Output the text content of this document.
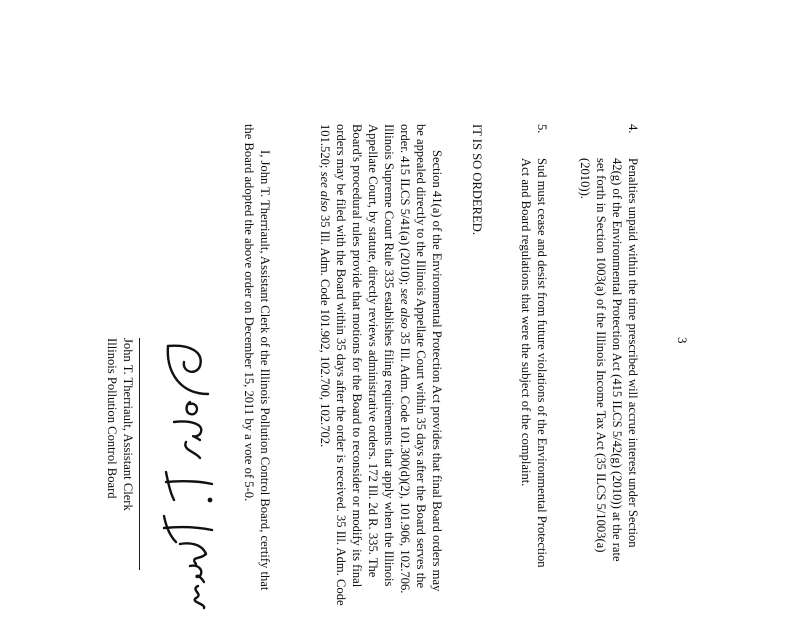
3
4.
Penalties unpaid within the time prescribed will accrue interest under Section
42(g) of the Environmental Protection Act (415 ILCS 5/42(g) (2010)) at the rate
set forth in Section 1003(a) of the Illinois Income Tax Act (35 ILCS 5/1003(a)
(2010)).
5.
Sud must cease and desist from future violations of the Environmental Protection
Act and Board regulations that were the subject of the complaint.
IT IS SO ORDERED.
Section 41(a) of the Environmental Protection Act provides that final Board orders may
be appealed directly to the Illinois Appellate Court within 35 days after the Board serves the
order. 415 ILCS 5/41(a) (2010); see also 35 Ill. Adm. Code 101.300(d)(2), 101.906, 102.706.
Illinois Supreme Court Rule 335 establishes filing requirements that apply when the Illinois
Appellate Court, by statute, directly reviews administrative orders. 172 Ill. 2d R. 335. The
Board's procedural rules provide that motions for the Board to reconsider or modify its final
orders may be filed with the Board within 35 days after the order is received. 35 Ill. Adm. Code
101.520; see also 35 Ill. Adm. Code 101.902, 102.700, 102.702.
I, John T. Therriault, Assistant Clerk of the Illinois Pollution Control Board, certify that
the Board adopted the above order on December 15, 2011 by a vote of 5-0.
John T. Therriault, Assistant Clerk
Illinois Pollution Control Board
